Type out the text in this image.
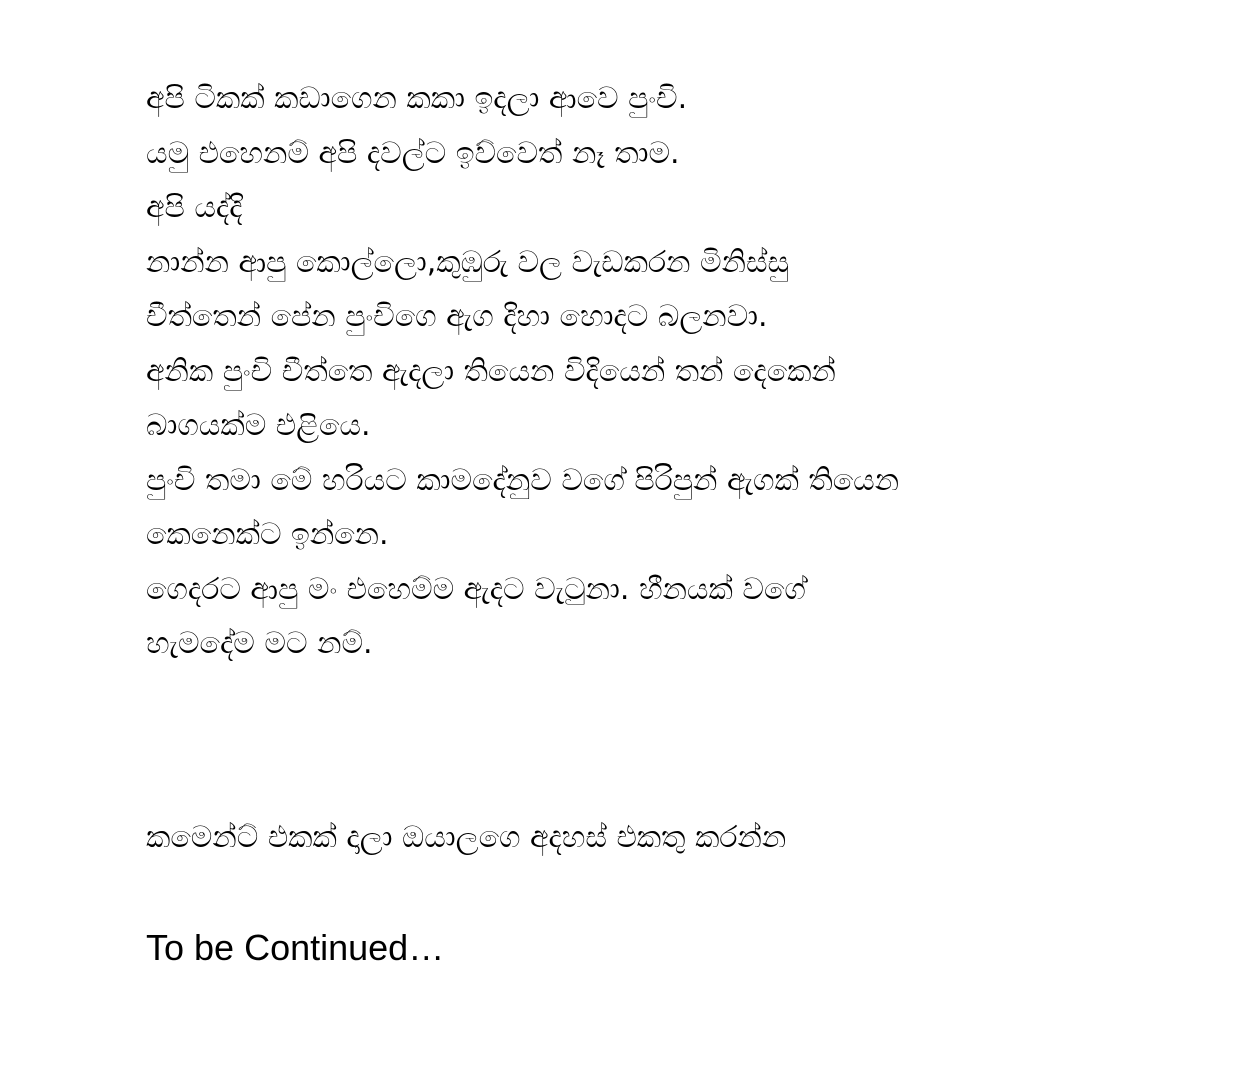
අපි ටිකක් කඩාගෙන කකා ඉදලා ආවෙ පුංචි.
යමු එහෙනම් අපි දවල්ට ඉව්වෙත් නෑ තාම.
අපි යද්දි
නාන්න ආපු කොල්ලො,කුඹුරු වල වැඩකරන මිනිස්සු
චීත්තෙන් පේන පුංචිගෙ ඇග දිහා හොදට බලනවා.
අනික පුංචි චීත්තෙ ඇදලා තියෙන විදියෙන් තන් දෙකෙන්
බාගයක්ම එළියෙ.
පුංචි තමා මේ හරියට කාමදේනුව වගේ පිරිපුන් ඇගක් තියෙන
කෙනෙක්ට ඉන්නෙ.
ගෙදරට ආපු මං එහෙම්ම ඇදට වැටුනා. හීනයක් වගේ
හැමදේම මට නම්.

කමෙන්ට් එකක් දාලා ඔයාලගෙ අදහස් එකතු කරන්න

To be Continued…
